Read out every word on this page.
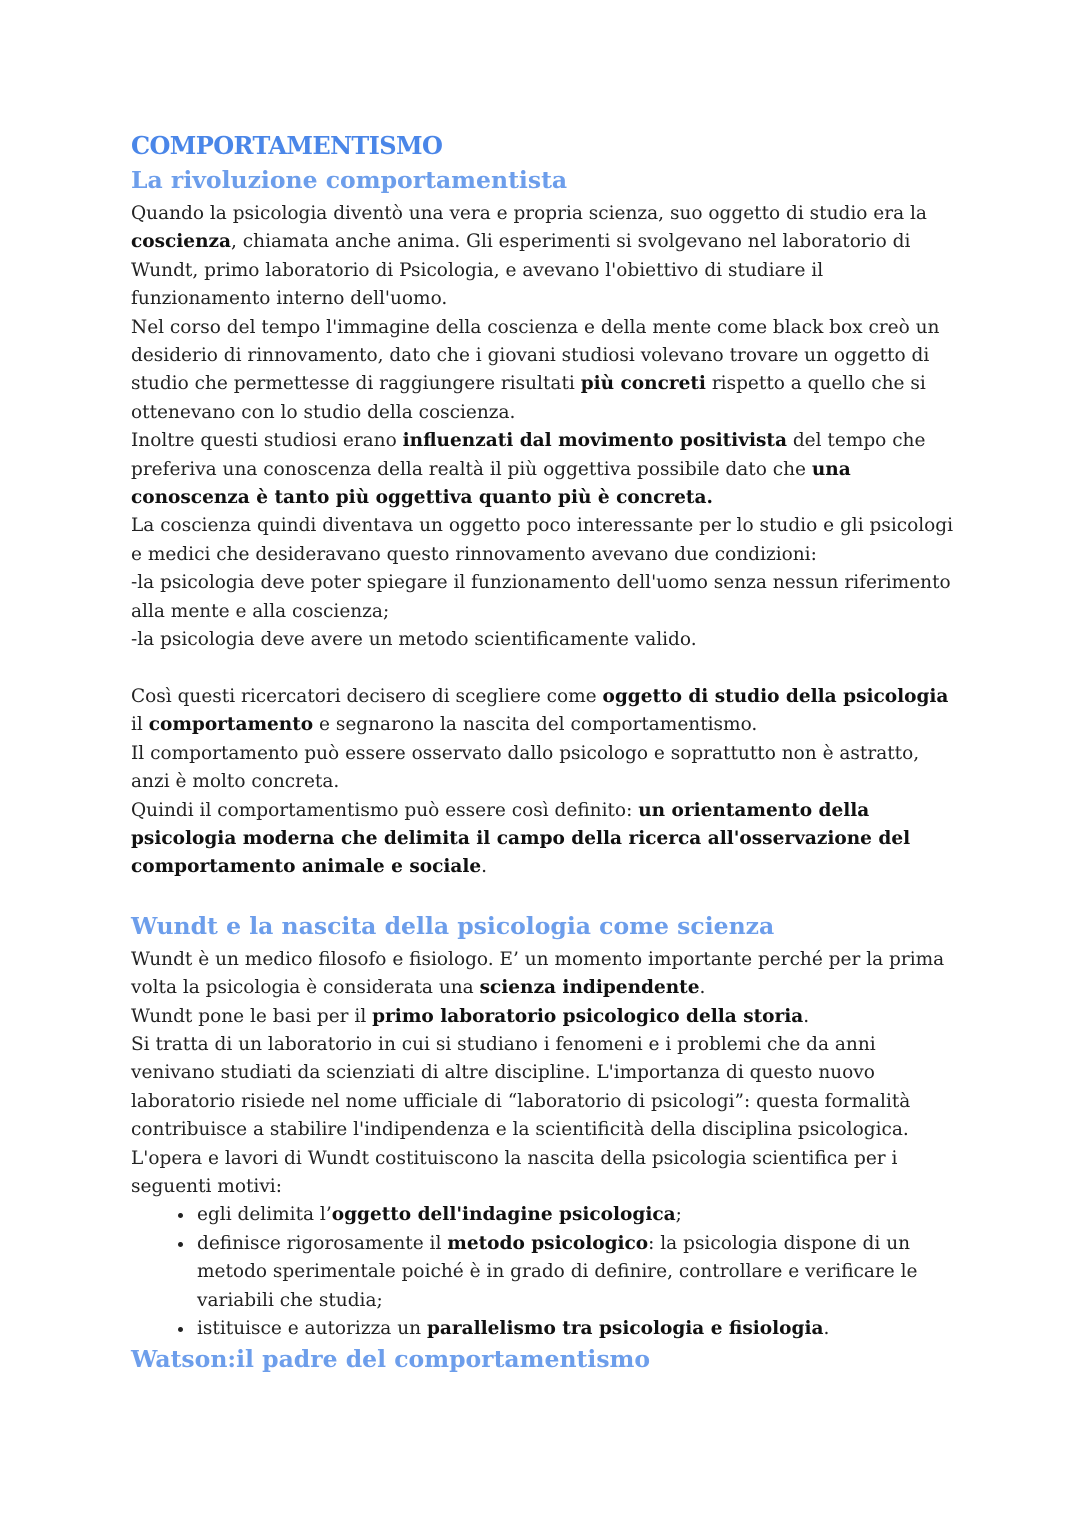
COMPORTAMENTISMO
La rivoluzione comportamentista

Quando la psicologia diventò una vera e propria scienza, suo oggetto di studio era la coscienza, chiamata anche anima. Gli esperimenti si svolgevano nel laboratorio di Wundt, primo laboratorio di Psicologia, e avevano l'obiettivo di studiare il funzionamento interno dell'uomo.

Nel corso del tempo l'immagine della coscienza e della mente come black box creò un desiderio di rinnovamento, dato che i giovani studiosi volevano trovare un oggetto di studio che permettesse di raggiungere risultati più concreti rispetto a quello che si ottenevano con lo studio della coscienza.

Inoltre questi studiosi erano influenzati dal movimento positivista del tempo che preferiva una conoscenza della realtà il più oggettiva possibile dato che una conoscenza è tanto più oggettiva quanto più è concreta.

La coscienza quindi diventava un oggetto poco interessante per lo studio e gli psicologi e medici che desideravano questo rinnovamento avevano due condizioni:

-la psicologia deve poter spiegare il funzionamento dell'uomo senza nessun riferimento alla mente e alla coscienza;

-la psicologia deve avere un metodo scientificamente valido.

Così questi ricercatori decisero di scegliere come oggetto di studio della psicologia il comportamento e segnarono la nascita del comportamentismo.

Il comportamento può essere osservato dallo psicologo e soprattutto non è astratto, anzi è molto concreta.

Quindi il comportamentismo può essere così definito: un orientamento della psicologia moderna che delimita il campo della ricerca all'osservazione del comportamento animale e sociale.

Wundt e la nascita della psicologia come scienza

Wundt è un medico filosofo e fisiologo. E’ un momento importante perché per la prima volta la psicologia è considerata una scienza indipendente.

Wundt pone le basi per il primo laboratorio psicologico della storia.

Si tratta di un laboratorio in cui si studiano i fenomeni e i problemi che da anni venivano studiati da scienziati di altre discipline. L'importanza di questo nuovo laboratorio risiede nel nome ufficiale di “laboratorio di psicologi”: questa formalità contribuisce a stabilire l'indipendenza e la scientificità della disciplina psicologica.

L'opera e lavori di Wundt costituiscono la nascita della psicologia scientifica per i seguenti motivi:

• egli delimita l’oggetto dell'indagine psicologica;
• definisce rigorosamente il metodo psicologico: la psicologia dispone di un metodo sperimentale poiché è in grado di definire, controllare e verificare le variabili che studia;
• istituisce e autorizza un parallelismo tra psicologia e fisiologia.
Watson:il padre del comportamentismo
